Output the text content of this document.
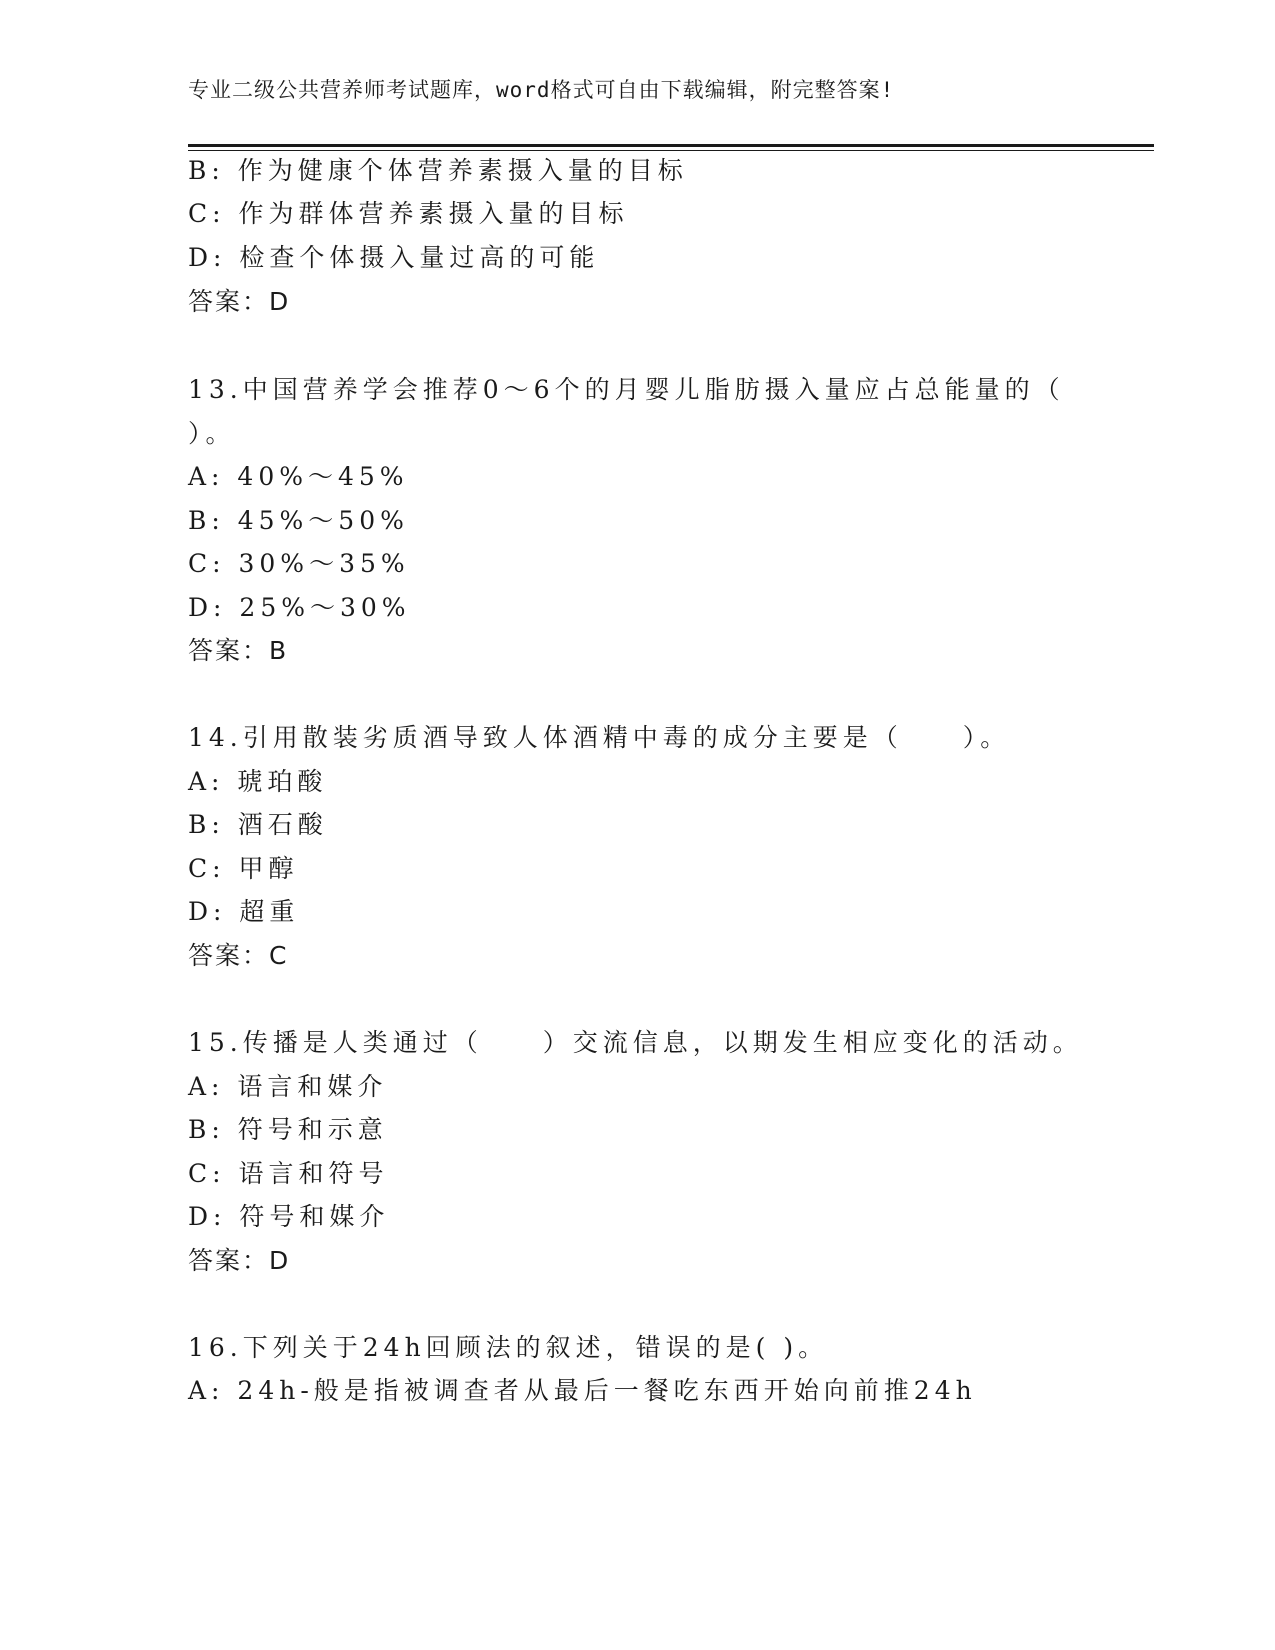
专业二级公共营养师考试题库，word格式可自由下载编辑，附完整答案!
B: 作为健康个体营养素摄入量的目标
C: 作为群体营养素摄入量的目标
D: 检查个体摄入量过高的可能
答案：D
13.中国营养学会推荐0～6个的月婴儿脂肪摄入量应占总能量的（
）。
A: 40%～45%
B: 45%～50%
C: 30%～35%
D: 25%～30%
答案：B
14.引用散装劣质酒导致人体酒精中毒的成分主要是（　　）。
A: 琥珀酸
B: 酒石酸
C: 甲醇
D: 超重
答案：C
15.传播是人类通过（　　）交流信息，以期发生相应变化的活动。
A: 语言和媒介
B: 符号和示意
C: 语言和符号
D: 符号和媒介
答案：D
16.下列关于24h回顾法的叙述，错误的是( )。
A: 24h-般是指被调查者从最后一餐吃东西开始向前推24h
